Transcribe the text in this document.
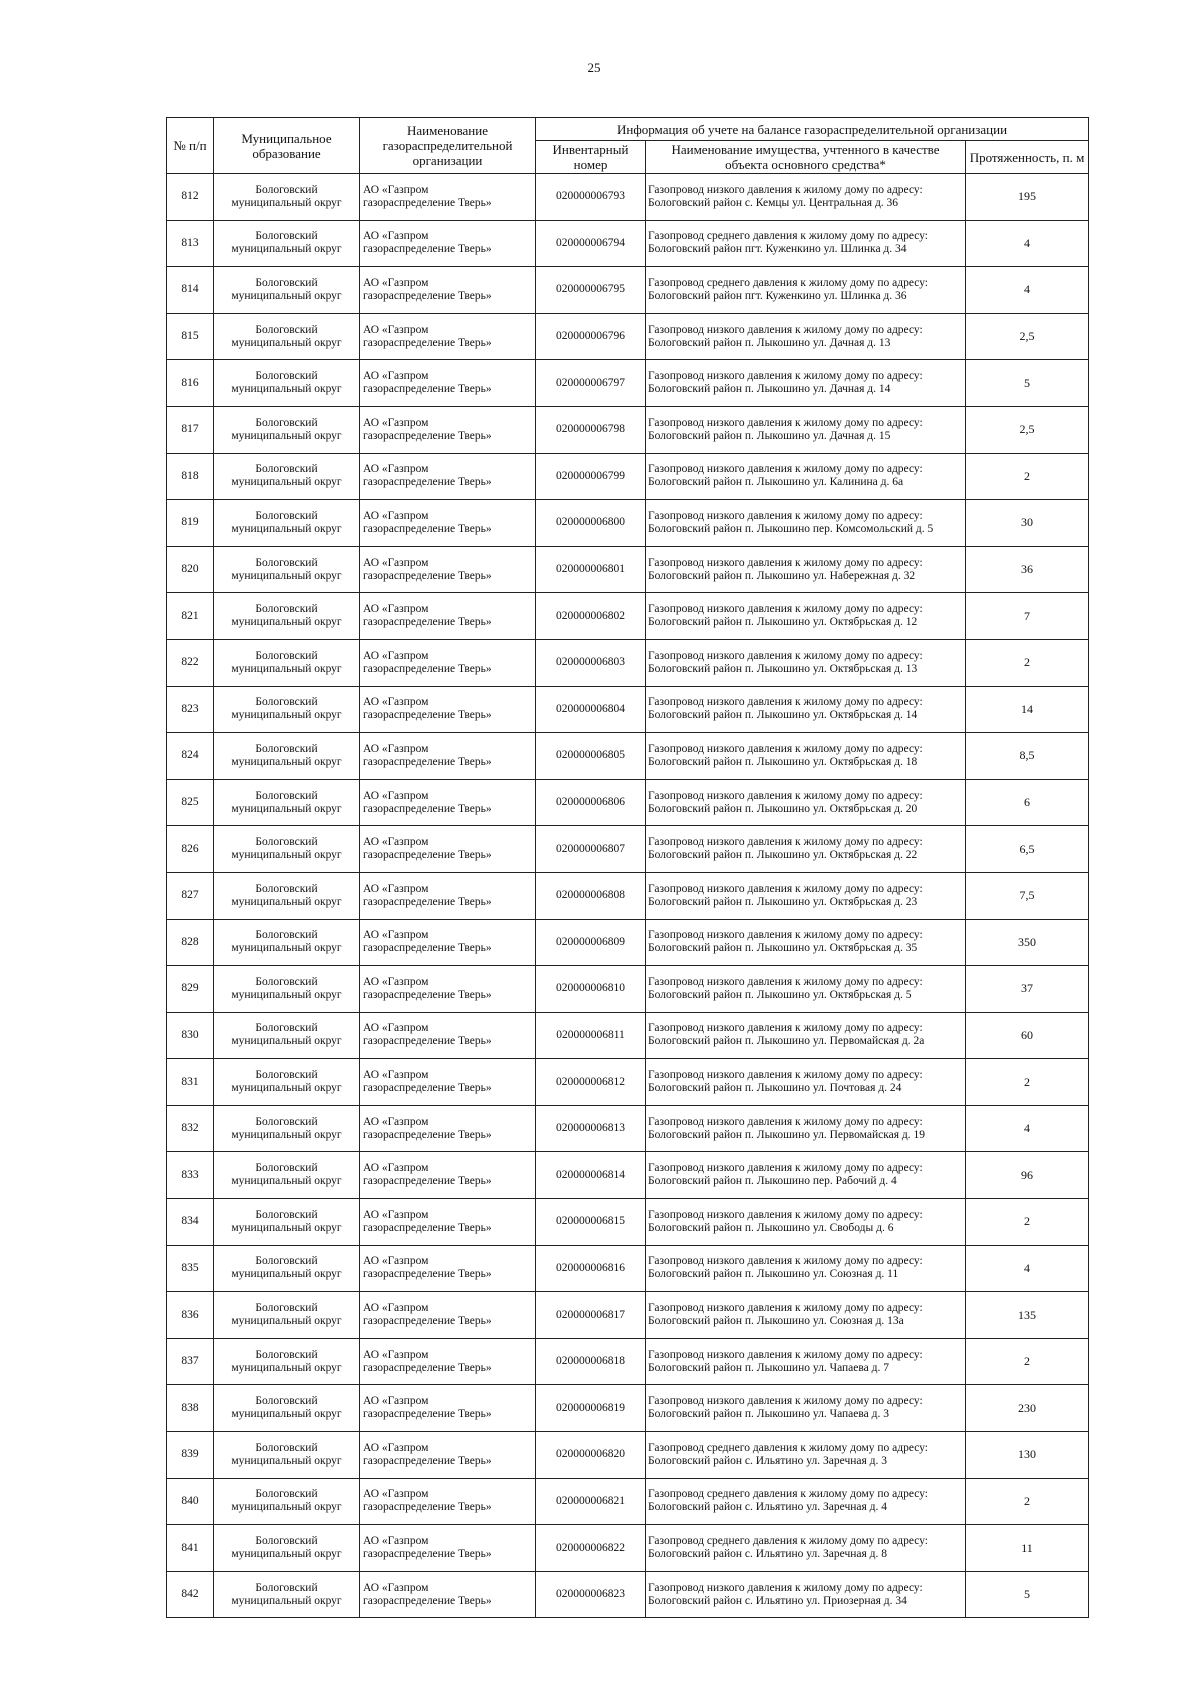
25
№ п/п	Муниципальное образование	Наименование газораспределительной организации	Информация об учете на балансе газораспределительной организации		
			Инвентарный номер	Наименование имущества, учтенного в качестве объекта основного средства*	Протяженность, п. м

812	Бологовский
муниципальный округ	АО «Газпром
газораспределение Тверь»	020000006793	Газопровод низкого давления к жилому дому по адресу:
Бологовский район с. Кемцы ул. Центральная д. 36	195

813	Бологовский
муниципальный округ	АО «Газпром
газораспределение Тверь»	020000006794	Газопровод среднего давления к жилому дому по адресу:
Бологовский район пгт. Куженкино ул. Шлинка д. 34	4

814	Бологовский
муниципальный округ	АО «Газпром
газораспределение Тверь»	020000006795	Газопровод среднего давления к жилому дому по адресу:
Бологовский район пгт. Куженкино ул. Шлинка д. 36	4

815	Бологовский
муниципальный округ	АО «Газпром
газораспределение Тверь»	020000006796	Газопровод низкого давления к жилому дому по адресу:
Бологовский район п. Лыкошино ул. Дачная д. 13	2,5

816	Бологовский
муниципальный округ	АО «Газпром
газораспределение Тверь»	020000006797	Газопровод низкого давления к жилому дому по адресу:
Бологовский район п. Лыкошино ул. Дачная д. 14	5

817	Бологовский
муниципальный округ	АО «Газпром
газораспределение Тверь»	020000006798	Газопровод низкого давления к жилому дому по адресу:
Бологовский район п. Лыкошино ул. Дачная д. 15	2,5

818	Бологовский
муниципальный округ	АО «Газпром
газораспределение Тверь»	020000006799	Газопровод низкого давления к жилому дому по адресу:
Бологовский район п. Лыкошино ул. Калинина д. 6а	2

819	Бологовский
муниципальный округ	АО «Газпром
газораспределение Тверь»	020000006800	Газопровод низкого давления к жилому дому по адресу:
Бологовский район п. Лыкошино пер. Комсомольский д. 5	30

820	Бологовский
муниципальный округ	АО «Газпром
газораспределение Тверь»	020000006801	Газопровод низкого давления к жилому дому по адресу:
Бологовский район п. Лыкошино ул. Набережная д. 32	36

821	Бологовский
муниципальный округ	АО «Газпром
газораспределение Тверь»	020000006802	Газопровод низкого давления к жилому дому по адресу:
Бологовский район п. Лыкошино ул. Октябрьская д. 12	7

822	Бологовский
муниципальный округ	АО «Газпром
газораспределение Тверь»	020000006803	Газопровод низкого давления к жилому дому по адресу:
Бологовский район п. Лыкошино ул. Октябрьская д. 13	2

823	Бологовский
муниципальный округ	АО «Газпром
газораспределение Тверь»	020000006804	Газопровод низкого давления к жилому дому по адресу:
Бологовский район п. Лыкошино ул. Октябрьская д. 14	14

824	Бологовский
муниципальный округ	АО «Газпром
газораспределение Тверь»	020000006805	Газопровод низкого давления к жилому дому по адресу:
Бологовский район п. Лыкошино ул. Октябрьская д. 18	8,5

825	Бологовский
муниципальный округ	АО «Газпром
газораспределение Тверь»	020000006806	Газопровод низкого давления к жилому дому по адресу:
Бологовский район п. Лыкошино ул. Октябрьская д. 20	6

826	Бологовский
муниципальный округ	АО «Газпром
газораспределение Тверь»	020000006807	Газопровод низкого давления к жилому дому по адресу:
Бологовский район п. Лыкошино ул. Октябрьская д. 22	6,5

827	Бологовский
муниципальный округ	АО «Газпром
газораспределение Тверь»	020000006808	Газопровод низкого давления к жилому дому по адресу:
Бологовский район п. Лыкошино ул. Октябрьская д. 23	7,5

828	Бологовский
муниципальный округ	АО «Газпром
газораспределение Тверь»	020000006809	Газопровод низкого давления к жилому дому по адресу:
Бологовский район п. Лыкошино ул. Октябрьская д. 35	350

829	Бологовский
муниципальный округ	АО «Газпром
газораспределение Тверь»	020000006810	Газопровод низкого давления к жилому дому по адресу:
Бологовский район п. Лыкошино ул. Октябрьская д. 5	37

830	Бологовский
муниципальный округ	АО «Газпром
газораспределение Тверь»	020000006811	Газопровод низкого давления к жилому дому по адресу:
Бологовский район п. Лыкошино ул. Первомайская д. 2а	60

831	Бологовский
муниципальный округ	АО «Газпром
газораспределение Тверь»	020000006812	Газопровод низкого давления к жилому дому по адресу:
Бологовский район п. Лыкошино ул. Почтовая д. 24	2

832	Бологовский
муниципальный округ	АО «Газпром
газораспределение Тверь»	020000006813	Газопровод низкого давления к жилому дому по адресу:
Бологовский район п. Лыкошино ул. Первомайская д. 19	4

833	Бологовский
муниципальный округ	АО «Газпром
газораспределение Тверь»	020000006814	Газопровод низкого давления к жилому дому по адресу:
Бологовский район п. Лыкошино пер. Рабочий д. 4	96

834	Бологовский
муниципальный округ	АО «Газпром
газораспределение Тверь»	020000006815	Газопровод низкого давления к жилому дому по адресу:
Бологовский район п. Лыкошино ул. Свободы д. 6	2

835	Бологовский
муниципальный округ	АО «Газпром
газораспределение Тверь»	020000006816	Газопровод низкого давления к жилому дому по адресу:
Бологовский район п. Лыкошино ул. Союзная д. 11	4

836	Бологовский
муниципальный округ	АО «Газпром
газораспределение Тверь»	020000006817	Газопровод низкого давления к жилому дому по адресу:
Бологовский район п. Лыкошино ул. Союзная д. 13а	135

837	Бологовский
муниципальный округ	АО «Газпром
газораспределение Тверь»	020000006818	Газопровод низкого давления к жилому дому по адресу:
Бологовский район п. Лыкошино ул. Чапаева д. 7	2

838	Бологовский
муниципальный округ	АО «Газпром
газораспределение Тверь»	020000006819	Газопровод низкого давления к жилому дому по адресу:
Бологовский район п. Лыкошино ул. Чапаева д. 3	230

839	Бологовский
муниципальный округ	АО «Газпром
газораспределение Тверь»	020000006820	Газопровод среднего давления к жилому дому по адресу:
Бологовский район с. Ильятино ул. Заречная д. 3	130

840	Бологовский
муниципальный округ	АО «Газпром
газораспределение Тверь»	020000006821	Газопровод среднего давления к жилому дому по адресу:
Бологовский район с. Ильятино ул. Заречная д. 4	2

841	Бологовский
муниципальный округ	АО «Газпром
газораспределение Тверь»	020000006822	Газопровод среднего давления к жилому дому по адресу:
Бологовский район с. Ильятино ул. Заречная д. 8	11

842	Бологовский
муниципальный округ	АО «Газпром
газораспределение Тверь»	020000006823	Газопровод низкого давления к жилому дому по адресу:
Бологовский район с. Ильятино ул. Приозерная д. 34	5
